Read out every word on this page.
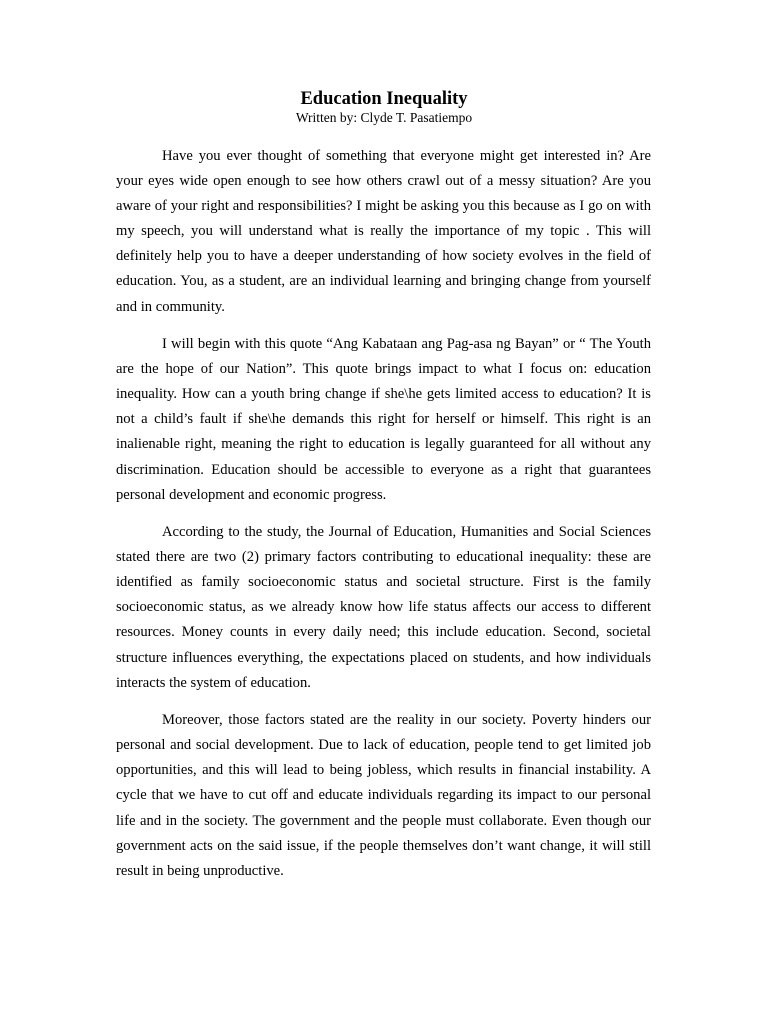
Education Inequality

Written by: Clyde T. Pasatiempo

Have you ever thought of something that everyone might get interested in? Are your eyes wide open enough to see how others crawl out of a messy situation? Are you aware of your right and responsibilities? I might be asking you this because as I go on with my speech, you will understand what is really the importance of my topic . This will definitely help you to have a deeper understanding of how society evolves in the field of education. You, as a student, are an individual learning and bringing change from yourself and in community.

I will begin with this quote “Ang Kabataan ang Pag-asa ng Bayan” or “ The Youth are the hope of our Nation”. This quote brings impact to what I focus on: education inequality. How can a youth bring change if she\he gets limited access to education? It is not a child’s fault if she\he demands this right for herself or himself. This right is an inalienable right, meaning the right to education is legally guaranteed for all without any discrimination. Education should be accessible to everyone as a right that guarantees personal development and economic progress.

According to the study, the Journal of Education, Humanities and Social Sciences stated there are two (2) primary factors contributing to educational inequality: these are identified as family socioeconomic status and societal structure. First is the family socioeconomic status, as we already know how life status affects our access to different resources. Money counts in every daily need; this include education. Second, societal structure influences everything, the expectations placed on students, and how individuals interacts the system of education.

Moreover, those factors stated are the reality in our society. Poverty hinders our personal and social development. Due to lack of education, people tend to get limited job opportunities, and this will lead to being jobless, which results in financial instability. A cycle that we have to cut off and educate individuals regarding its impact to our personal life and in the society. The government and the people must collaborate. Even though our government acts on the said issue, if the people themselves don’t want change, it will still result in being unproductive.
